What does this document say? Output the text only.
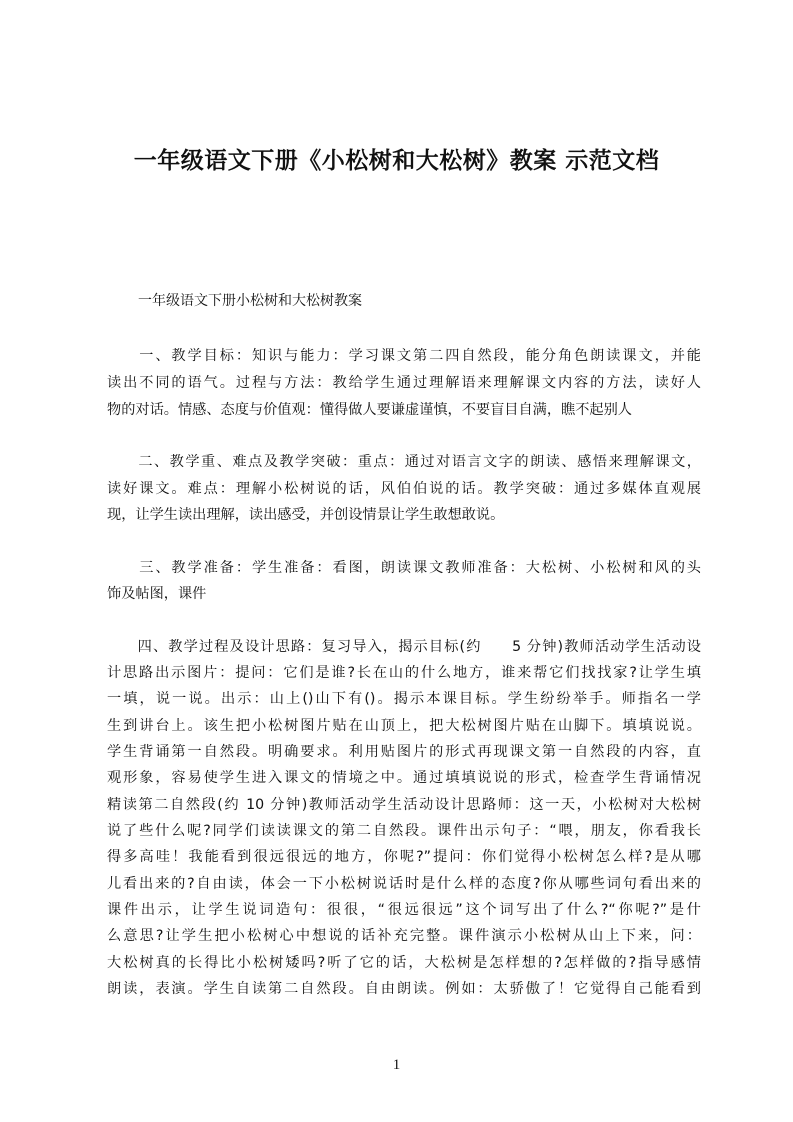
一年级语文下册《小松树和大松树》教案 示范文档
一年级语文下册小松树和大松树教案
　　一、教学目标：知识与能力：学习课文第二四自然段，能分角色朗读课文，并能
读出不同的语气。过程与方法：教给学生通过理解语来理解课文内容的方法，读好人
物的对话。情感、态度与价值观：懂得做人要谦虚谨慎，不要盲目自满，瞧不起别人
　　二、教学重、难点及教学突破：重点：通过对语言文字的朗读、感悟来理解课文，
读好课文。难点：理解小松树说的话，风伯伯说的话。教学突破：通过多媒体直观展
现，让学生读出理解，读出感受，并创设情景让学生敢想敢说。
　　三、教学准备：学生准备：看图，朗读课文教师准备：大松树、小松树和风的头
饰及帖图，课件
　　四、教学过程及设计思路：复习导入，揭示目标(约　　5 分钟)教师活动学生活动设
计思路出示图片：提问：它们是谁?长在山的什么地方，谁来帮它们找找家?让学生填
一填，说一说。出示：山上()山下有()。揭示本课目标。学生纷纷举手。师指名一学
生到讲台上。该生把小松树图片贴在山顶上，把大松树图片贴在山脚下。填填说说。
学生背诵第一自然段。明确要求。利用贴图片的形式再现课文第一自然段的内容，直
观形象，容易使学生进入课文的情境之中。通过填填说说的形式，检查学生背诵情况
精读第二自然段(约 10 分钟)教师活动学生活动设计思路师：这一天，小松树对大松树
说了些什么呢?同学们读读课文的第二自然段。课件出示句子：“喂，朋友，你看我长
得多高哇！我能看到很远很远的地方，你呢?”提问：你们觉得小松树怎么样?是从哪
儿看出来的?自由读，体会一下小松树说话时是什么样的态度?你从哪些词句看出来的
课件出示，让学生说词造句：很很，“很远很远”这个词写出了什么?“你呢?”是什
么意思?让学生把小松树心中想说的话补充完整。课件演示小松树从山上下来，问：
大松树真的长得比小松树矮吗?听了它的话，大松树是怎样想的?怎样做的?指导感情
朗读，表演。学生自读第二自然段。自由朗读。例如：太骄傲了！它觉得自己能看到
1
